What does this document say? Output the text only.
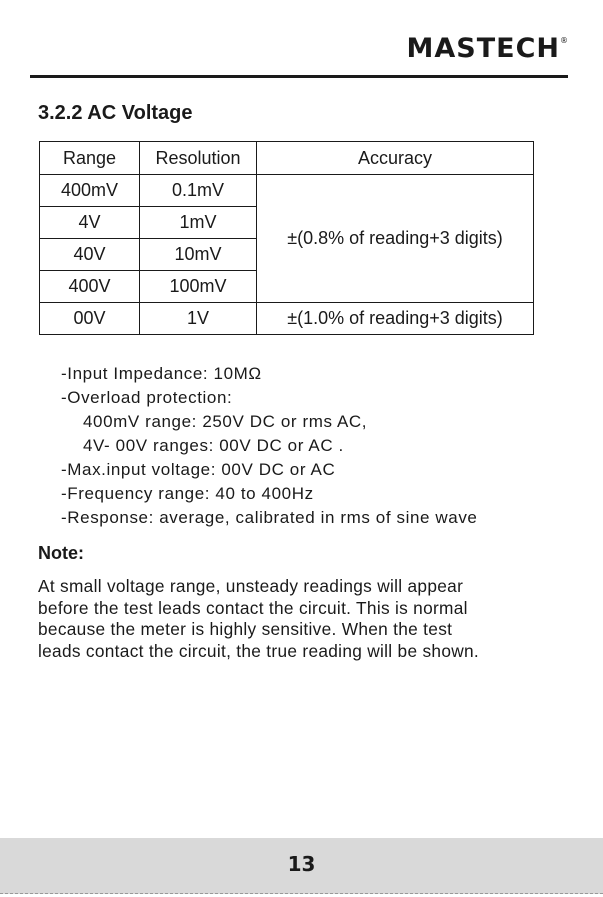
MASTECH®
3.2.2 AC Voltage
Range	Resolution	Accuracy
400mV	0.1mV	±(0.8% of reading+3 digits)
4V	1mV	
40V	10mV	
400V	100mV	
00V	1V	±(1.0% of reading+3 digits)
-Input Impedance: 10MΩ
-Overload protection:
400mV range: 250V DC or rms AC,
4V- 00V ranges: 00V DC or AC .
-Max.input voltage: 00V DC or AC
-Frequency range: 40 to 400Hz
-Response: average, calibrated in rms of sine wave
Note:
At small voltage range, unsteady readings will appear
before the test leads contact the circuit. This is normal
because the meter is highly sensitive. When the test
leads contact the circuit, the true reading will be shown.
13
